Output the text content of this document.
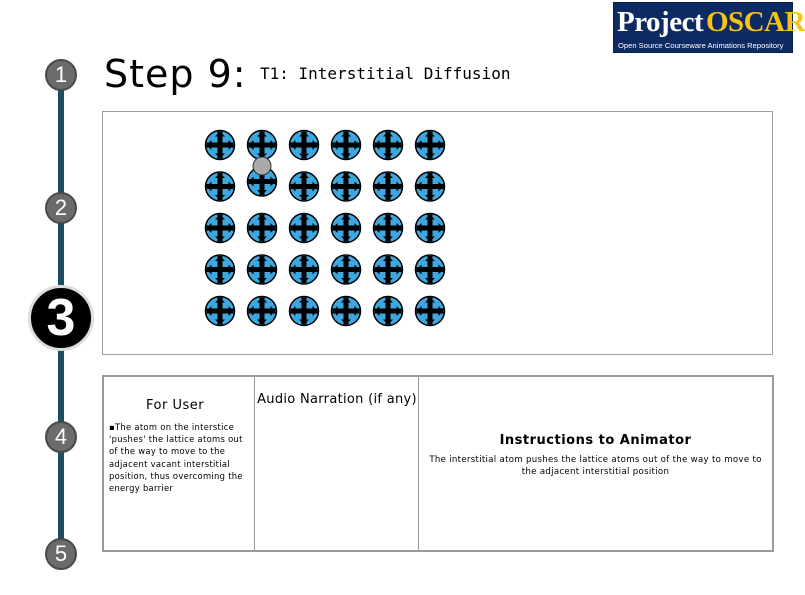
Project OSCAR
Open Source Courseware Animations Repository
1
2
3
4
5
Step 9: T1: Interstitial Diffusion
For User
▪The atom on the interstice 'pushes' the lattice atoms out of the way to move to the adjacent vacant interstitial position, thus overcoming the energy barrier
Audio Narration (if any)
Instructions to Animator
The interstitial atom pushes the lattice atoms out of the way to move to the adjacent interstitial position
